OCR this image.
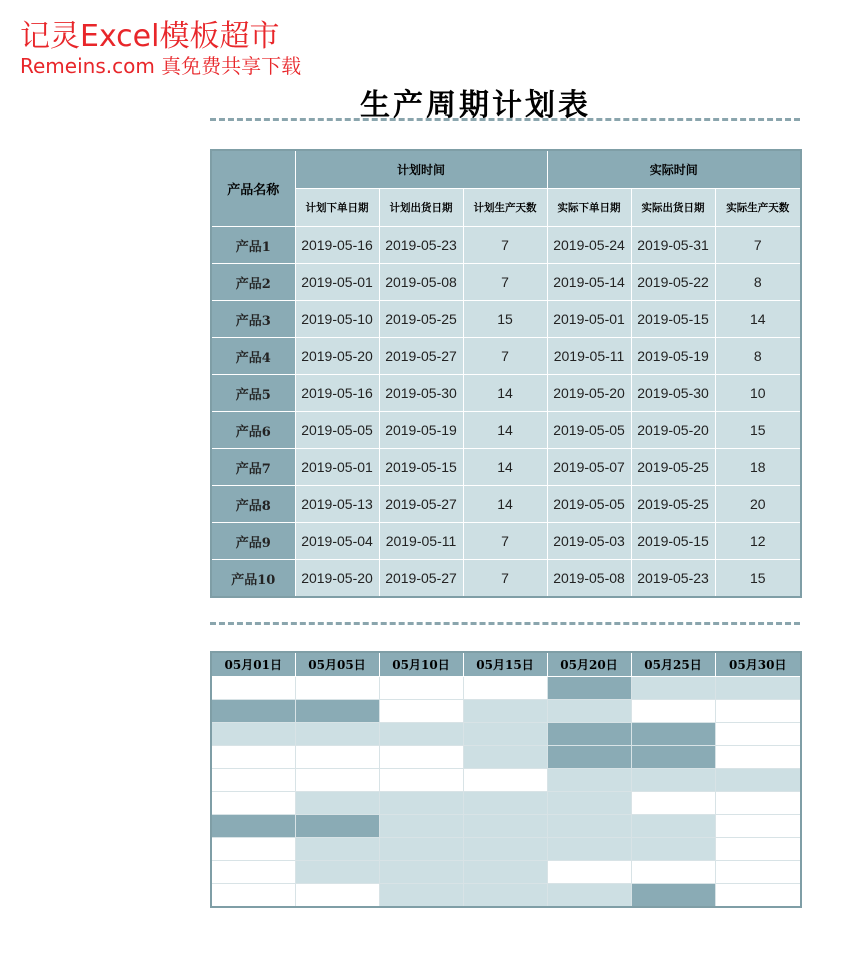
记灵Excel模板超市
Remeins.com 真免费共享下载
生产周期计划表
产品名称	计划时间			实际时间		
	计划下单日期	计划出货日期	计划生产天数	实际下单日期	实际出货日期	实际生产天数
产品1	2019-05-16	2019-05-23	7	2019-05-24	2019-05-31	7
产品2	2019-05-01	2019-05-08	7	2019-05-14	2019-05-22	8
产品3	2019-05-10	2019-05-25	15	2019-05-01	2019-05-15	14
产品4	2019-05-20	2019-05-27	7	2019-05-11	2019-05-19	8
产品5	2019-05-16	2019-05-30	14	2019-05-20	2019-05-30	10
产品6	2019-05-05	2019-05-19	14	2019-05-05	2019-05-20	15
产品7	2019-05-01	2019-05-15	14	2019-05-07	2019-05-25	18
产品8	2019-05-13	2019-05-27	14	2019-05-05	2019-05-25	20
产品9	2019-05-04	2019-05-11	7	2019-05-03	2019-05-15	12
产品10	2019-05-20	2019-05-27	7	2019-05-08	2019-05-23	15
05月01日	05月05日	05月10日	05月15日	05月20日	05月25日	05月30日
